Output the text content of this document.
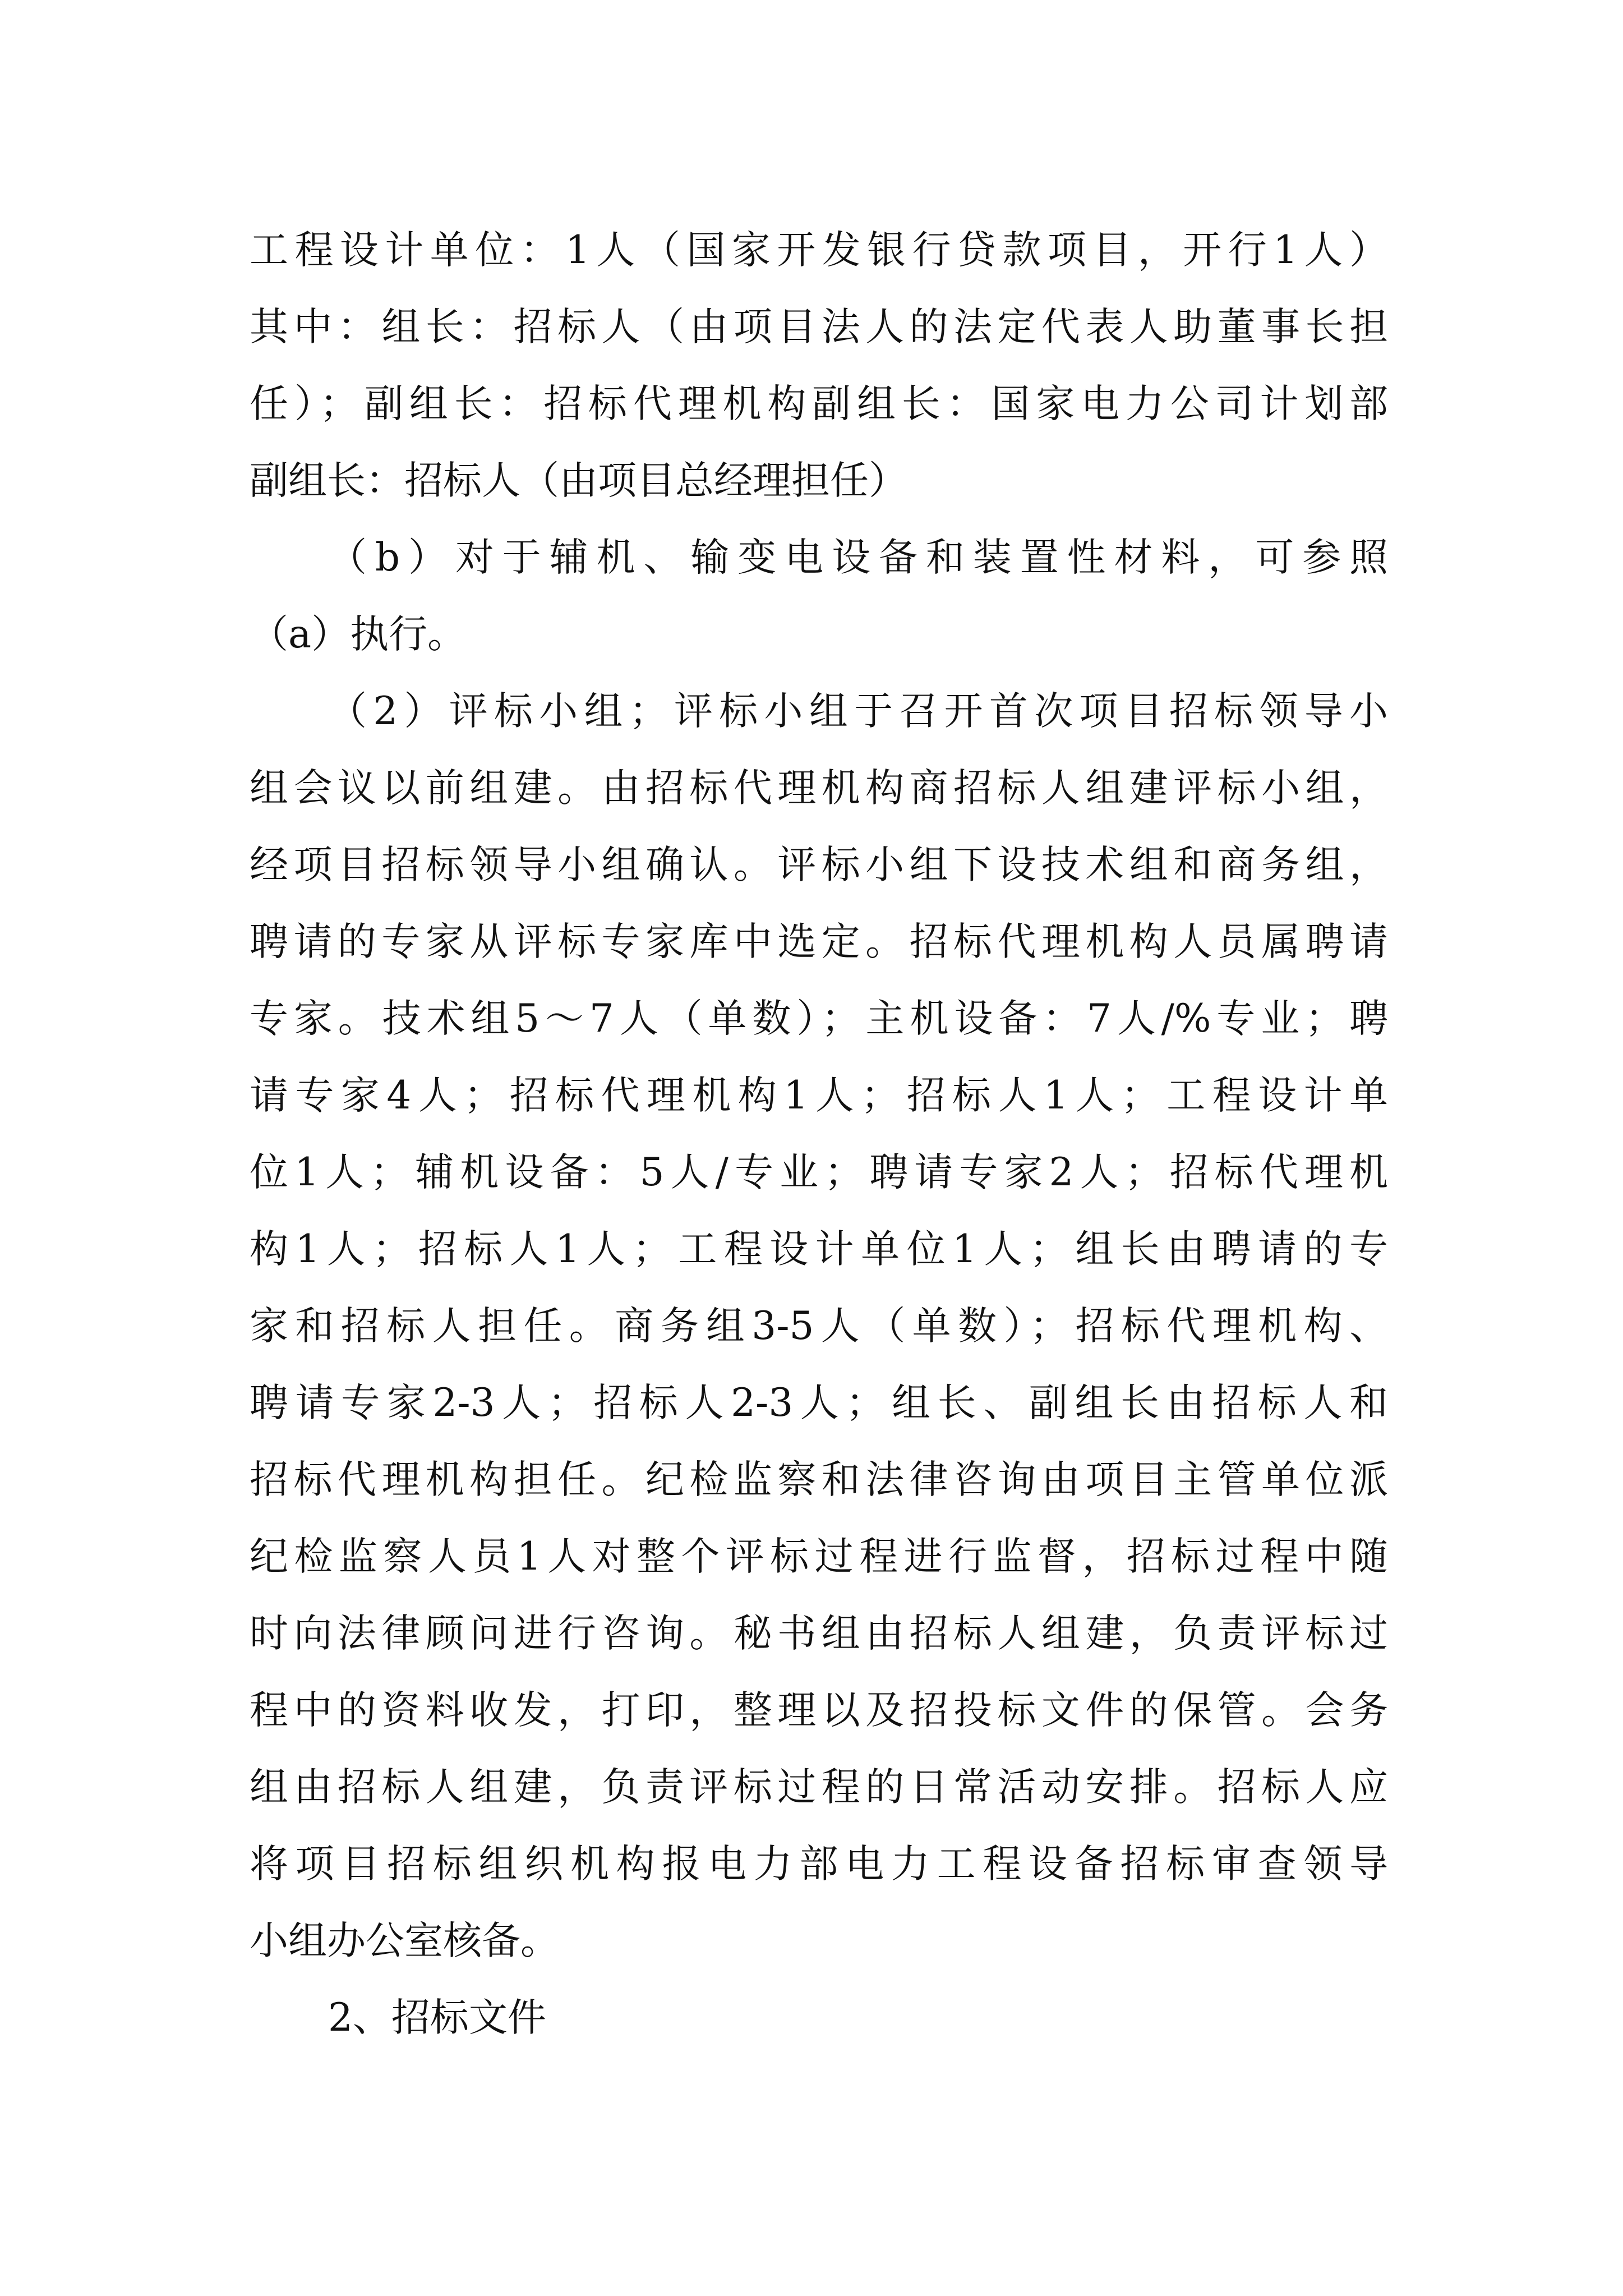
工程设计单位：1人（国家开发银行贷款项目，开行1人）
其中：组长：招标人（由项目法人的法定代表人助董事长担
任）；副组长：招标代理机构副组长：国家电力公司计划部
副组长：招标人（由项目总经理担任）
（b）对于辅机、输变电设备和装置性材料，可参照
（a）执行。
（2）评标小组；评标小组于召开首次项目招标领导小
组会议以前组建。由招标代理机构商招标人组建评标小组，
经项目招标领导小组确认。评标小组下设技术组和商务组，
聘请的专家从评标专家库中选定。招标代理机构人员属聘请
专家。技术组5～7人（单数）；主机设备：7人/%专业；聘
请专家4人；招标代理机构1人；招标人1人；工程设计单
位1人；辅机设备：5人/专业；聘请专家2人；招标代理机
构1人；招标人1人；工程设计单位1人；组长由聘请的专
家和招标人担任。商务组3-5人（单数）；招标代理机构、
聘请专家2-3人；招标人2-3人；组长、副组长由招标人和
招标代理机构担任。纪检监察和法律咨询由项目主管单位派
纪检监察人员1人对整个评标过程进行监督，招标过程中随
时向法律顾问进行咨询。秘书组由招标人组建，负责评标过
程中的资料收发，打印，整理以及招投标文件的保管。会务
组由招标人组建，负责评标过程的日常活动安排。招标人应
将项目招标组织机构报电力部电力工程设备招标审查领导
小组办公室核备。
2、招标文件
